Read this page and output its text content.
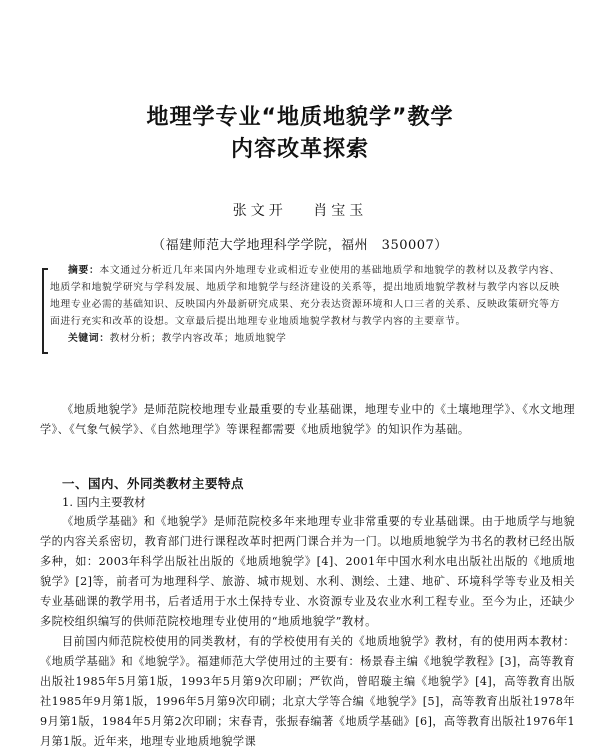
地理学专业“地质地貌学”教学
内容改革探索
张文开　 肖宝玉
（福建师范大学地理科学学院，福州　350007）

摘要：本文通过分析近几年来国内外地理专业或相近专业使用的基础地质学和地貌学的教材以及教学内容、地质学和地貌学研究与学科发展、地质学和地貌学与经济建设的关系等，提出地质地貌学教材与教学内容以反映地理专业必需的基础知识、反映国内外最新研究成果、充分表达资源环境和人口三者的关系、反映政策研究等方面进行充实和改革的设想。文章最后提出地理专业地质地貌学教材与教学内容的主要章节。

关键词：教材分析；教学内容改革；地质地貌学

《地质地貌学》是师范院校地理专业最重要的专业基础课，地理专业中的《土壤地理学》、《水文地理学》、《气象气候学》、《自然地理学》等课程都需要《地质地貌学》的知识作为基础。

一、国内、外同类教材主要特点
1. 国内主要教材

《地质学基础》和《地貌学》是师范院校多年来地理专业非常重要的专业基础课。由于地质学与地貌学的内容关系密切，教育部门进行课程改革时把两门课合并为一门。以地质地貌学为书名的教材已经出版多种，如：2003年科学出版社出版的《地质地貌学》[4]、2001年中国水利水电出版社出版的《地质地貌学》[2]等，前者可为地理科学、旅游、城市规划、水利、测绘、土建、地矿、环境科学等专业及相关专业基础课的教学用书，后者适用于水土保持专业、水资源专业及农业水利工程专业。至今为止，还缺少多院校组织编写的供师范院校地理专业使用的“地质地貌学”教材。

目前国内师范院校使用的同类教材，有的学校使用有关的《地质地貌学》教材，有的使用两本教材：《地质学基础》和《地貌学》。福建师范大学使用过的主要有：杨景春主编《地貌学教程》[3]，高等教育出版社1985年5月第1版，1993年5月第9次印刷；严钦尚，曾昭璇主编《地貌学》[4]，高等教育出版社1985年9月第1版，1996年5月第9次印刷；北京大学等合编《地貌学》[5]，高等教育出版社1978年9月第1版，1984年5月第2次印刷；宋春青，张振春编著《地质学基础》[6]，高等教育出版社1976年1月第1版。近年来，地理专业地质地貌学课
